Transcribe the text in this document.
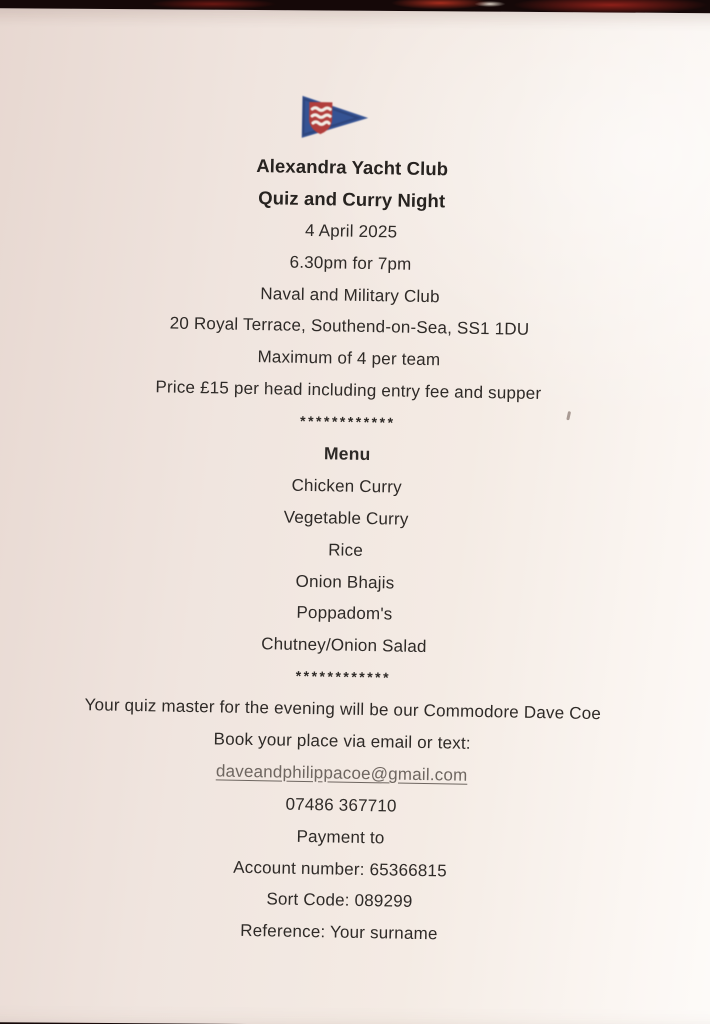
Alexandra Yacht Club
Quiz and Curry Night
4 April 2025
6.30pm for 7pm
Naval and Military Club
20 Royal Terrace, Southend-on-Sea, SS1 1DU
Maximum of 4 per team
Price £15 per head including entry fee and supper
************
Menu
Chicken Curry
Vegetable Curry
Rice
Onion Bhajis
Poppadom's
Chutney/Onion Salad
************
Your quiz master for the evening will be our Commodore Dave Coe
Book your place via email or text:
daveandphilippacoe@gmail.com
07486 367710
Payment to
Account number: 65366815
Sort Code: 089299
Reference: Your surname
